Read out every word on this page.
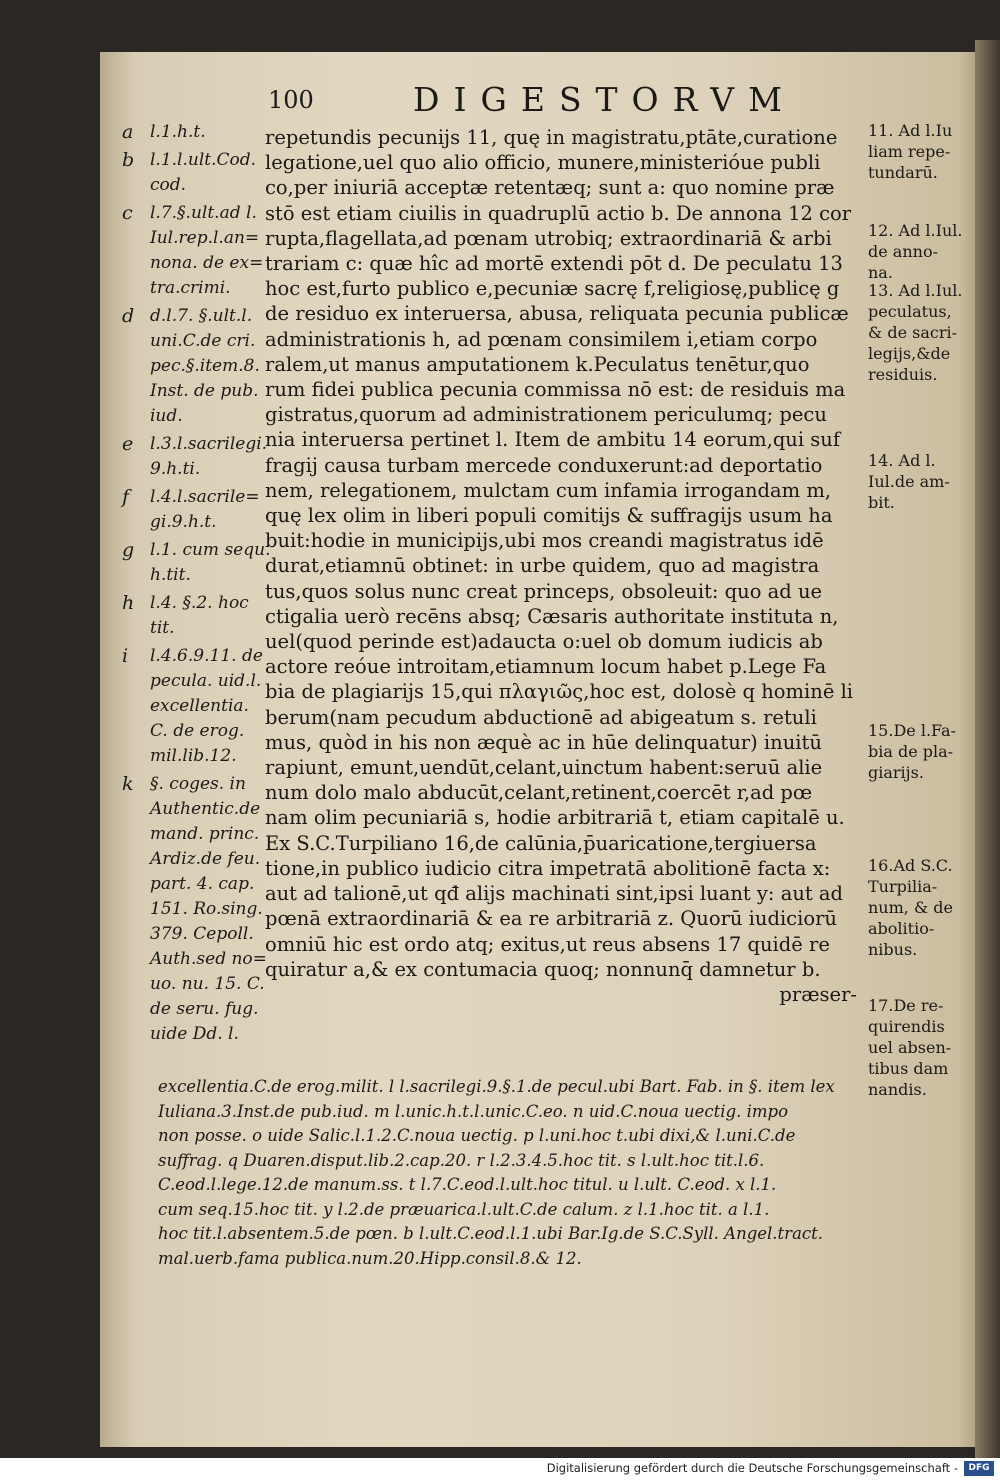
100	DIGESTORVM
a l.1.h.t.
b l.1.l.ult.Cod.
cod.
c	l.7.§.ult.ad l.
Iul.rep.l.an=
nona. de ex=
tra.crimi.
d d.l.7. §.ult.l.
uni.C.de cri.
pec.§.item.8.
Inst. de pub.
iud.
e l.3.l.sacrilegi.
9.h.ti.
f	l.4.l.sacrile=
gi.9.h.t.
g l.1. cum sequ.
h.tit.
h l.4. §.2. hoc
tit.
i	l.4.6.9.11. de
pecula. uid.l.
excellentia.
C. de erog.
mil.lib.12.
k §. coges. in
Authentic.de
mand. princ.
Ardiz.de feu.
part. 4. cap.
151. Ro.sing.
379. Cepoll.
Auth.sed no=
uo. nu. 15. C.
de seru. fug.
uide Dd. l.
repetundis pecunijs 11, quę in magistratu,ptāte,curatione
legatione,uel quo alio officio, munere,ministerióue publi
co,per iniuriā acceptæ retentæq; sunt a: quo nomine præ
stō est etiam ciuilis in quadruplū actio b. De annona 12 cor
rupta,flagellata,ad pœnam utrobiq; extraordinariā & arbi
trariam c: quæ hîc ad mortē extendi pōt d. De peculatu 13
hoc est,furto publico e,pecuniæ sacrę f,religiosę,publicę g
de residuo ex interuersa, abusa, reliquata pecunia publicæ
administrationis h, ad pœnam consimilem i,etiam corpo
ralem,ut manus amputationem k.Peculatus tenētur,quo
rum fidei publica pecunia commissa nō est: de residuis ma
gistratus,quorum ad administrationem periculumq; pecu
nia interuersa pertinet l. Item de ambitu 14 eorum,qui suf
fragij causa turbam mercede conduxerunt:ad deportatio
nem, relegationem, mulctam cum infamia irrogandam m,
quę lex olim in liberi populi comitijs & suffragijs usum ha
buit:hodie in municipijs,ubi mos creandi magistratus idē
durat,etiamnū obtinet: in urbe quidem, quo ad magistra
tus,quos solus nunc creat princeps, obsoleuit: quo ad ue
ctigalia uerò recēns absq; Cæsaris authoritate instituta n,
uel(quod perinde est)adaucta o:uel ob domum iudicis ab
actore reóue introitam,etiamnum locum habet p.Lege Fa
bia de plagiarijs 15,qui πλαγιῶς,hoc est, dolosè q hominē li
berum(nam pecudum abductionē ad abigeatum s. retuli
mus, quòd in his non æquè ac in hūe delinquatur) inuitū
rapiunt, emunt,uendūt,celant,uinctum habent:seruū alie
num dolo malo abducūt,celant,retinent,coercēt r,ad pœ
nam olim pecuniariā s, hodie arbitrariā t, etiam capitalē u.
Ex S.C.Turpiliano 16,de calūnia,p̄uaricatione,tergiuersa
tione,in publico iudicio citra impetratā abolitionē facta x:
aut ad talionē,ut qđ alijs machinati sint,ipsi luant y: aut ad
pœnā extraordinariā & ea re arbitrariā z. Quorū iudiciorū
omniū hic est ordo atq; exitus,ut reus absens 17 quidē re
quiratur a,& ex contumacia quoq; nonnunq̄ damnetur b.
præser-
11. Ad l.Iu
liam repe-
tundarū.
12. Ad l.Iul.
de anno-
na.
13. Ad l.Iul.
peculatus,
& de sacri-
legijs,&de
residuis.
14. Ad l.
Iul.de am-
bit.
15.De l.Fa-
bia de pla-
giarijs.
16.Ad S.C.
Turpilia-
num, & de
abolitio-
nibus.
17.De re-
quirendis
uel absen-
tibus dam
nandis.
excellentia.C.de erog.milit. l l.sacrilegi.9.§.1.de pecul.ubi Bart. Fab. in §. item lex
Iuliana.3.Inst.de pub.iud. m l.unic.h.t.l.unic.C.eo. n uid.C.noua uectig. impo
non posse. o uide Salic.l.1.2.C.noua uectig. p l.uni.hoc t.ubi dixi,& l.uni.C.de
suffrag. q Duaren.disput.lib.2.cap.20. r l.2.3.4.5.hoc tit. s l.ult.hoc tit.l.6.
C.eod.l.lege.12.de manum.ss. t l.7.C.eod.l.ult.hoc titul. u l.ult. C.eod. x l.1.
cum seq.15.hoc tit. y l.2.de præuarica.l.ult.C.de calum. z l.1.hoc tit. a l.1.
hoc tit.l.absentem.5.de pœn. b l.ult.C.eod.l.1.ubi Bar.Ig.de S.C.Syll. Angel.tract.
mal.uerb.fama publica.num.20.Hipp.consil.8.& 12.
Digitalisierung gefördert durch die Deutsche Forschungsgemeinschaft -	DFG
